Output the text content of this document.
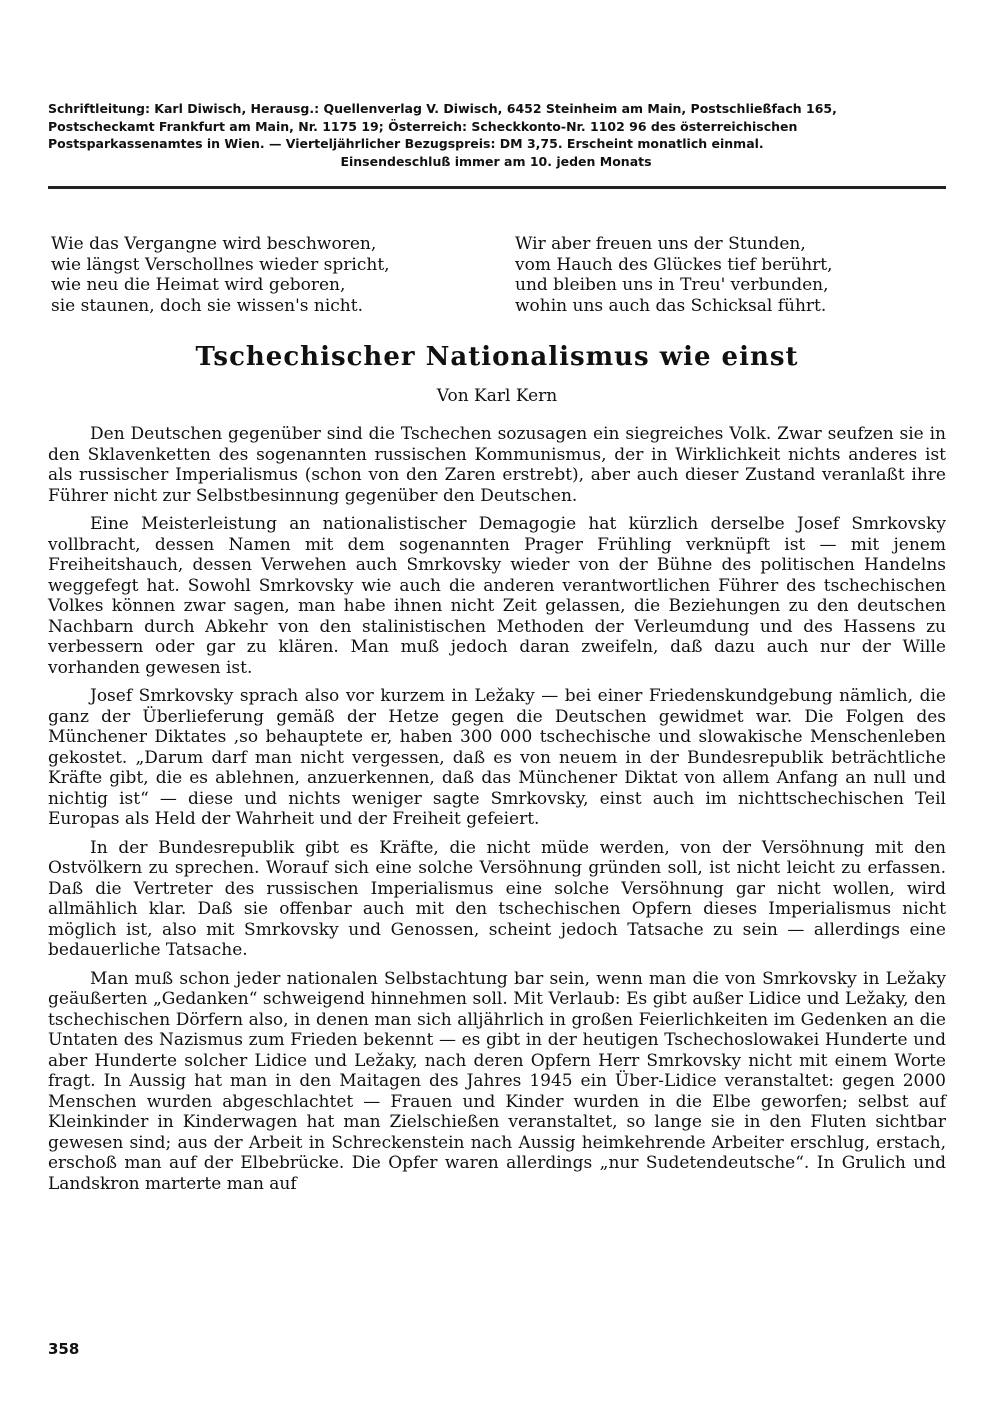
Schriftleitung: Karl Diwisch, Herausg.: Quellenverlag V. Diwisch, 6452 Steinheim am Main, Postschließfach 165, Postscheckamt Frankfurt am Main, Nr. 1175 19; Österreich: Scheckkonto-Nr. 1102 96 des österreichischen Postsparkassenamtes in Wien. — Vierteljährlicher Bezugspreis: DM 3,75. Erscheint monatlich einmal.

Einsendeschluß immer am 10. jeden Monats

Wie das Vergangne wird beschworen,
wie längst Verschollnes wieder spricht,
wie neu die Heimat wird geboren,
sie staunen, doch sie wissen's nicht.
Wir aber freuen uns der Stunden,
vom Hauch des Glückes tief berührt,
und bleiben uns in Treu' verbunden,
wohin uns auch das Schicksal führt.
Tschechischer Nationalismus wie einst
Von Karl Kern

Den Deutschen gegenüber sind die Tschechen sozusagen ein siegreiches Volk. Zwar seufzen sie in den Sklavenketten des sogenannten russischen Kommunismus, der in Wirklichkeit nichts anderes ist als russischer Imperialismus (schon von den Zaren erstrebt), aber auch dieser Zustand veranlaßt ihre Führer nicht zur Selbstbesinnung gegenüber den Deutschen.

Eine Meisterleistung an nationalistischer Demagogie hat kürzlich derselbe Josef Smrkovsky vollbracht, dessen Namen mit dem sogenannten Prager Frühling verknüpft ist — mit jenem Freiheitshauch, dessen Verwehen auch Smrkovsky wieder von der Bühne des politischen Handelns weggefegt hat. Sowohl Smrkovsky wie auch die anderen verantwortlichen Führer des tschechischen Volkes können zwar sagen, man habe ihnen nicht Zeit gelassen, die Beziehungen zu den deutschen Nachbarn durch Abkehr von den stalinistischen Methoden der Verleumdung und des Hassens zu verbessern oder gar zu klären. Man muß jedoch daran zweifeln, daß dazu auch nur der Wille vorhanden gewesen ist.

Josef Smrkovsky sprach also vor kurzem in Ležaky — bei einer Friedenskundgebung nämlich, die ganz der Überlieferung gemäß der Hetze gegen die Deutschen gewidmet war. Die Folgen des Münchener Diktates ,so behauptete er, haben 300 000 tschechische und slowakische Menschenleben gekostet. „Darum darf man nicht vergessen, daß es von neuem in der Bundesrepublik beträchtliche Kräfte gibt, die es ablehnen, anzuerkennen, daß das Münchener Diktat von allem Anfang an null und nichtig ist“ — diese und nichts weniger sagte Smrkovsky, einst auch im nichttschechischen Teil Europas als Held der Wahrheit und der Freiheit gefeiert.

In der Bundesrepublik gibt es Kräfte, die nicht müde werden, von der Versöhnung mit den Ostvölkern zu sprechen. Worauf sich eine solche Versöhnung gründen soll, ist nicht leicht zu erfassen. Daß die Vertreter des russischen Imperialismus eine solche Versöhnung gar nicht wollen, wird allmählich klar. Daß sie offenbar auch mit den tschechischen Opfern dieses Imperialismus nicht möglich ist, also mit Smrkovsky und Genossen, scheint jedoch Tatsache zu sein — allerdings eine bedauerliche Tatsache.

Man muß schon jeder nationalen Selbstachtung bar sein, wenn man die von Smrkovsky in Ležaky geäußerten „Gedanken“ schweigend hinnehmen soll. Mit Verlaub: Es gibt außer Lidice und Ležaky, den tschechischen Dörfern also, in denen man sich alljährlich in großen Feierlichkeiten im Gedenken an die Untaten des Nazismus zum Frieden bekennt — es gibt in der heutigen Tschechoslowakei Hunderte und aber Hunderte solcher Lidice und Ležaky, nach deren Opfern Herr Smrkovsky nicht mit einem Worte fragt. In Aussig hat man in den Maitagen des Jahres 1945 ein Über-Lidice veranstaltet: gegen 2000 Menschen wurden abgeschlachtet — Frauen und Kinder wurden in die Elbe geworfen; selbst auf Kleinkinder in Kinderwagen hat man Zielschießen veranstaltet, so lange sie in den Fluten sichtbar gewesen sind; aus der Arbeit in Schreckenstein nach Aussig heimkehrende Arbeiter erschlug, erstach, erschoß man auf der Elbebrücke. Die Opfer waren allerdings „nur Sudetendeutsche“. In Grulich und Landskron marterte man auf

358
